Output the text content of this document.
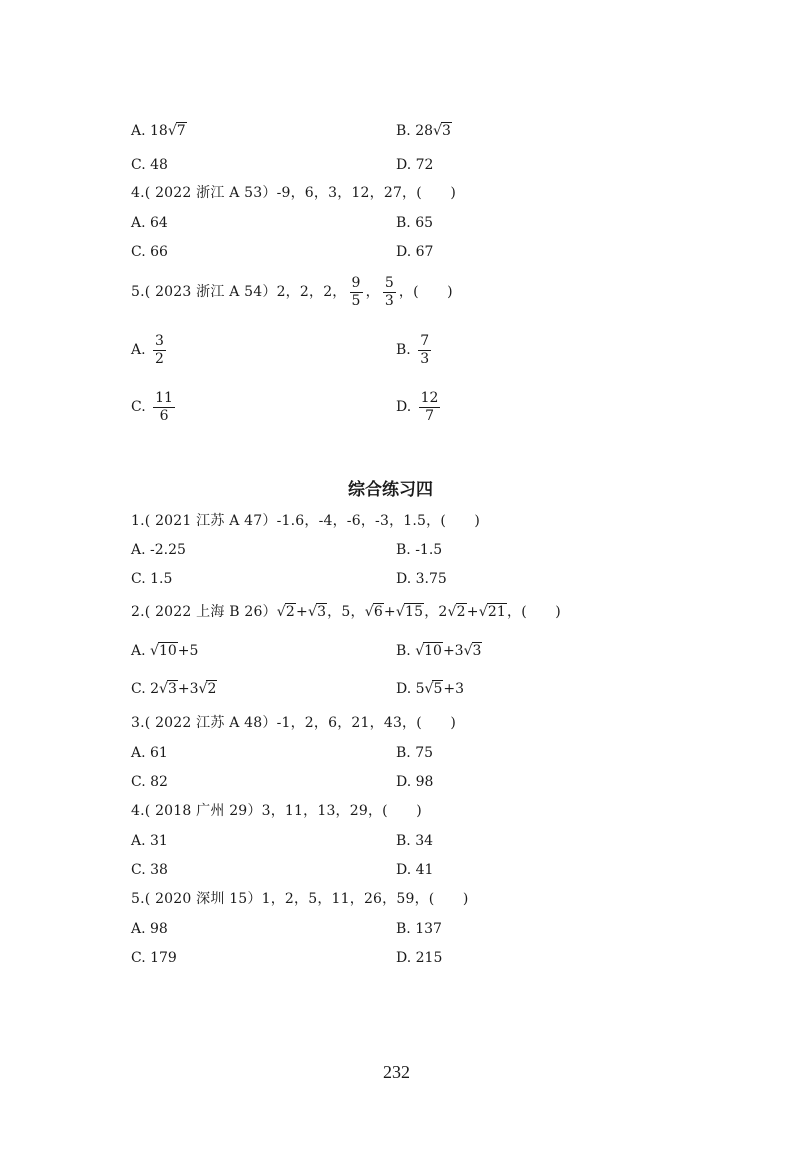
A. 18√7	B. 28√3
C. 48	D. 72
4.( 2022 浙江 A 53）-9，6，3，12，27，(　　)
A. 64	B. 65
C. 66	D. 67
5.( 2023 浙江 A 54）2，2，2， $\frac{9}{5}$ ， $\frac{5}{3}$ ，(　　)
A. $\frac{3}{2}$	B. $\frac{7}{3}$
C. $\frac{11}{6}$	D. $\frac{12}{7}$
综合练习四
1.( 2021 江苏 A 47）-1.6，-4，-6，-3，1.5，(　　)
A. -2.25	B. -1.5
C. 1.5	D. 3.75
2.( 2022 上海 B 26）√2+√3，5，√6+√15，2√2+√21，(　　)
A. √10+5	B. √10+3√3
C. 2√3+3√2	D. 5√5+3
3.( 2022 江苏 A 48）-1，2，6，21，43，(　　)
A. 61	B. 75
C. 82	D. 98
4.( 2018 广州 29）3，11，13，29，(　　)
A. 31	B. 34
C. 38	D. 41
5.( 2020 深圳 15）1，2，5，11，26，59，(　　)
A. 98	B. 137
C. 179	D. 215
232
